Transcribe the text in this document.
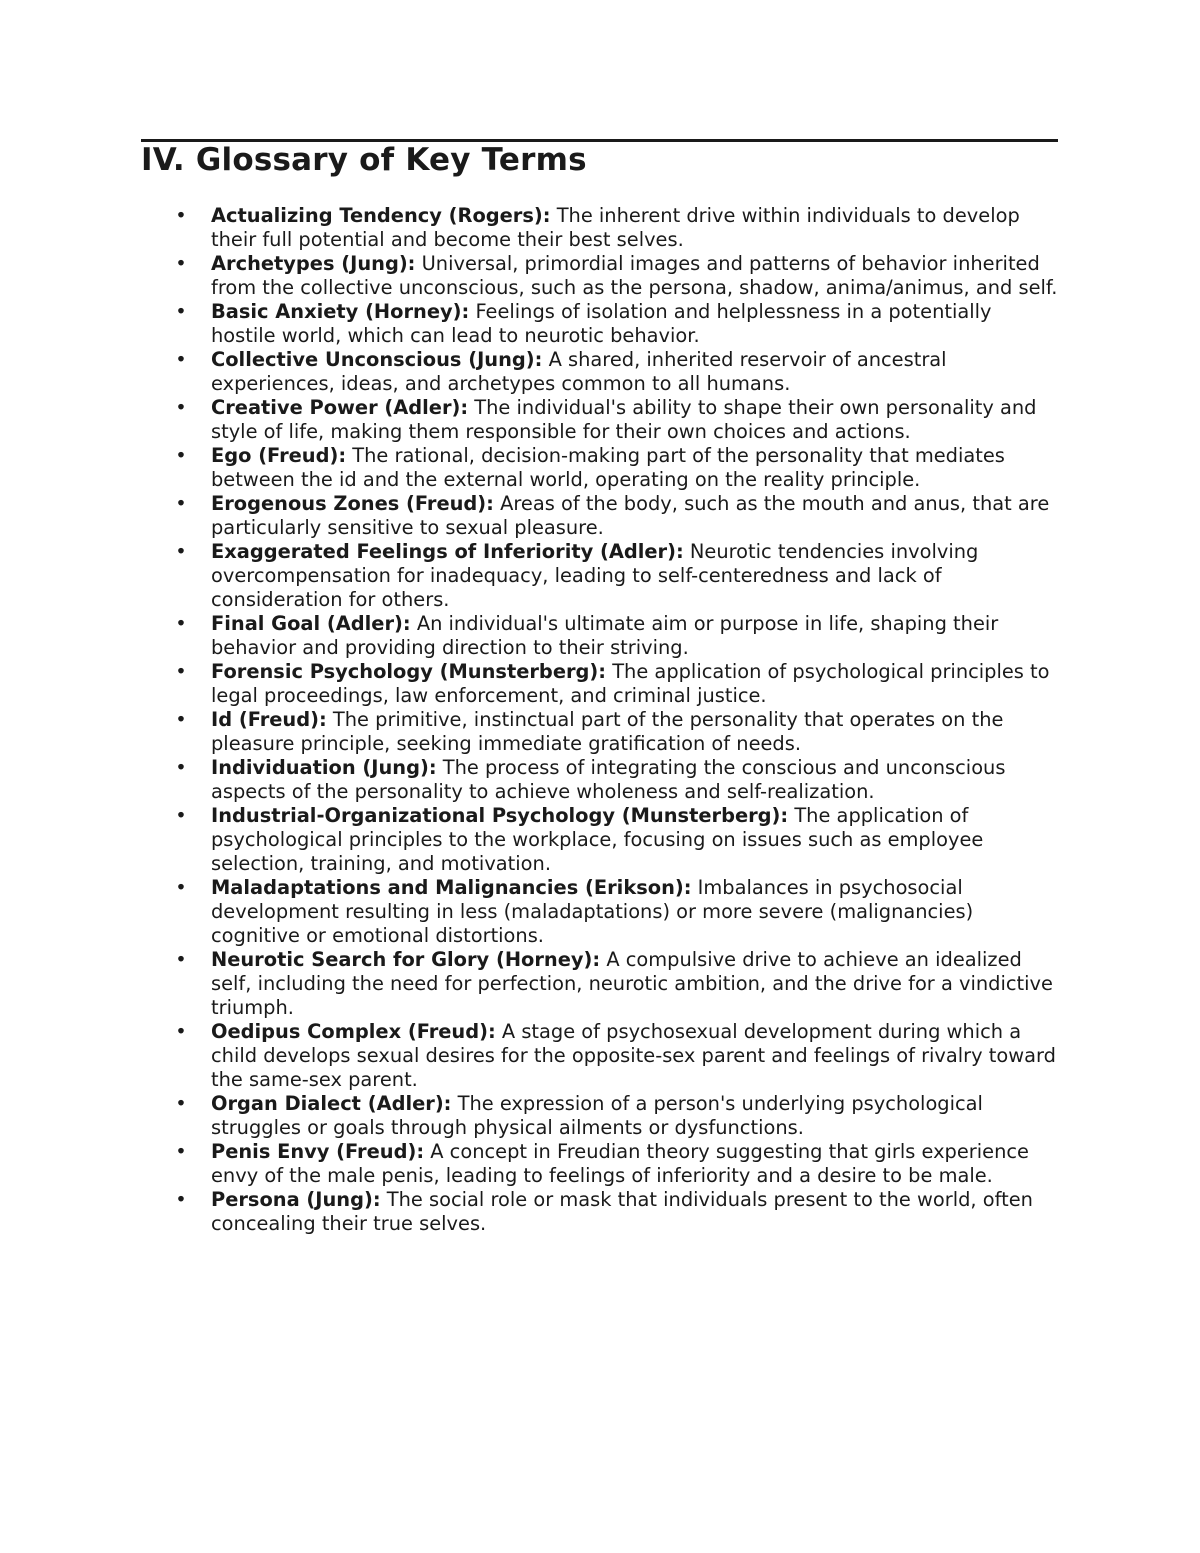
IV. Glossary of Key Terms
• Actualizing Tendency (Rogers): The inherent drive within individuals to develop their full potential and become their best selves.
• Archetypes (Jung): Universal, primordial images and patterns of behavior inherited from the collective unconscious, such as the persona, shadow, anima/animus, and self.
• Basic Anxiety (Horney): Feelings of isolation and helplessness in a potentially hostile world, which can lead to neurotic behavior.
• Collective Unconscious (Jung): A shared, inherited reservoir of ancestral experiences, ideas, and archetypes common to all humans.
• Creative Power (Adler): The individual's ability to shape their own personality and style of life, making them responsible for their own choices and actions.
• Ego (Freud): The rational, decision-making part of the personality that mediates between the id and the external world, operating on the reality principle.
• Erogenous Zones (Freud): Areas of the body, such as the mouth and anus, that are particularly sensitive to sexual pleasure.
• Exaggerated Feelings of Inferiority (Adler): Neurotic tendencies involving overcompensation for inadequacy, leading to self-centeredness and lack of consideration for others.
• Final Goal (Adler): An individual's ultimate aim or purpose in life, shaping their behavior and providing direction to their striving.
• Forensic Psychology (Munsterberg): The application of psychological principles to legal proceedings, law enforcement, and criminal justice.
• Id (Freud): The primitive, instinctual part of the personality that operates on the pleasure principle, seeking immediate gratification of needs.
• Individuation (Jung): The process of integrating the conscious and unconscious aspects of the personality to achieve wholeness and self-realization.
• Industrial-Organizational Psychology (Munsterberg): The application of psychological principles to the workplace, focusing on issues such as employee selection, training, and motivation.
• Maladaptations and Malignancies (Erikson): Imbalances in psychosocial development resulting in less (maladaptations) or more severe (malignancies) cognitive or emotional distortions.
• Neurotic Search for Glory (Horney): A compulsive drive to achieve an idealized self, including the need for perfection, neurotic ambition, and the drive for a vindictive triumph.
• Oedipus Complex (Freud): A stage of psychosexual development during which a child develops sexual desires for the opposite-sex parent and feelings of rivalry toward the same-sex parent.
• Organ Dialect (Adler): The expression of a person's underlying psychological struggles or goals through physical ailments or dysfunctions.
• Penis Envy (Freud): A concept in Freudian theory suggesting that girls experience envy of the male penis, leading to feelings of inferiority and a desire to be male.
• Persona (Jung): The social role or mask that individuals present to the world, often concealing their true selves.
